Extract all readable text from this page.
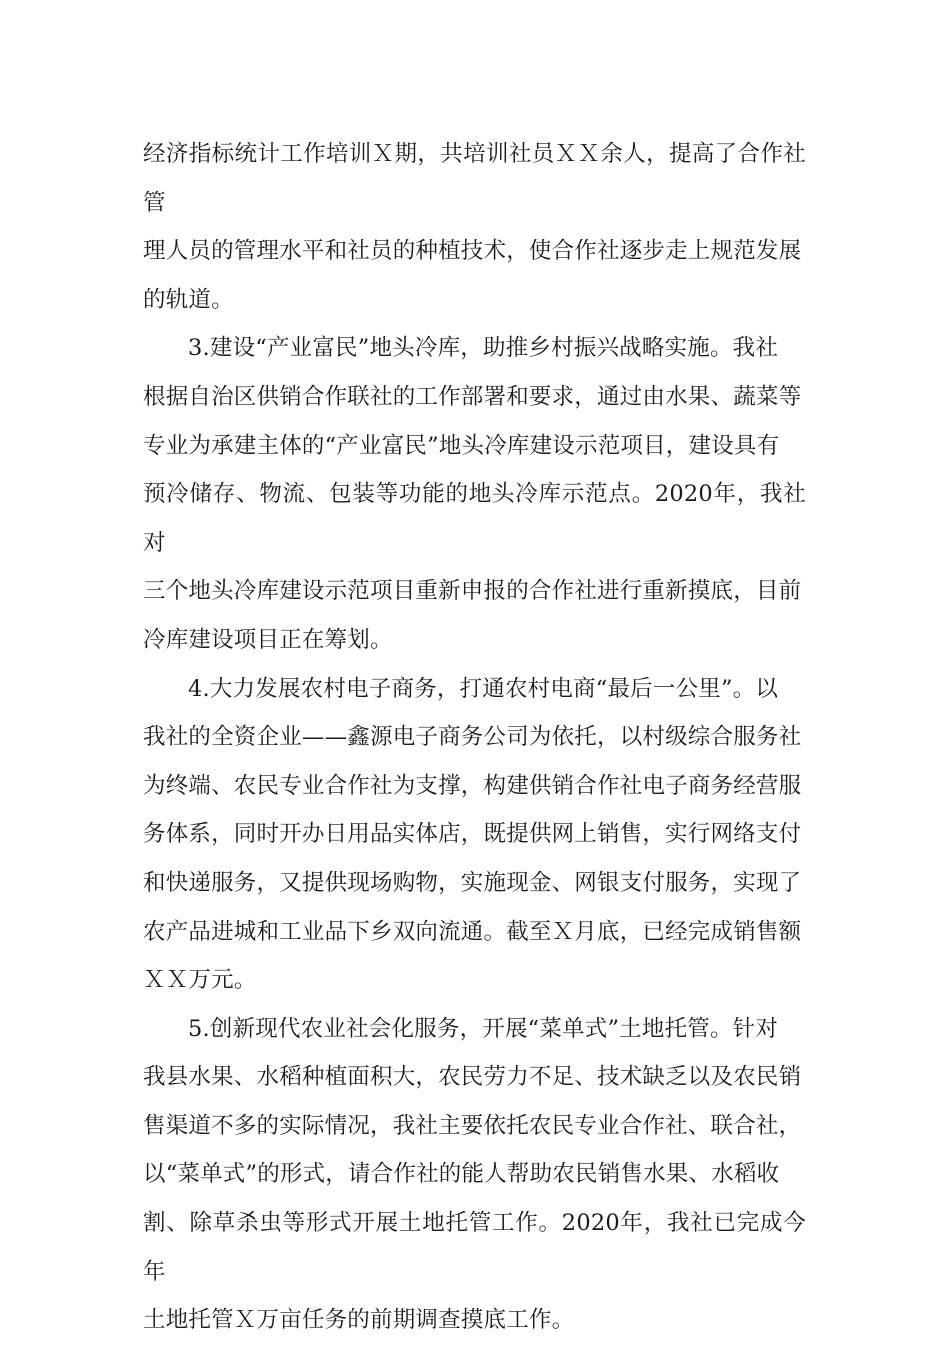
经济指标统计工作培训Ｘ期，共培训社员ＸＸ余人，提高了合作社管
理人员的管理水平和社员的种植技术，使合作社逐步走上规范发展
的轨道。

3.建设“产业富民”地头冷库，助推乡村振兴战略实施。我社
根据自治区供销合作联社的工作部署和要求，通过由水果、蔬菜等
专业为承建主体的“产业富民”地头冷库建设示范项目，建设具有
预冷储存、物流、包装等功能的地头冷库示范点。2020年，我社对
三个地头冷库建设示范项目重新申报的合作社进行重新摸底，目前
冷库建设项目正在筹划。

4.大力发展农村电子商务，打通农村电商“最后一公里”。以
我社的全资企业——鑫源电子商务公司为依托，以村级综合服务社
为终端、农民专业合作社为支撑，构建供销合作社电子商务经营服
务体系，同时开办日用品实体店，既提供网上销售，实行网络支付
和快递服务，又提供现场购物，实施现金、网银支付服务，实现了
农产品进城和工业品下乡双向流通。截至Ｘ月底，已经完成销售额
ＸＸ万元。

5.创新现代农业社会化服务，开展“菜单式”土地托管。针对
我县水果、水稻种植面积大，农民劳力不足、技术缺乏以及农民销
售渠道不多的实际情况，我社主要依托农民专业合作社、联合社，
以“菜单式”的形式，请合作社的能人帮助农民销售水果、水稻收
割、除草杀虫等形式开展土地托管工作。2020年，我社已完成今年
土地托管Ｘ万亩任务的前期调查摸底工作。
